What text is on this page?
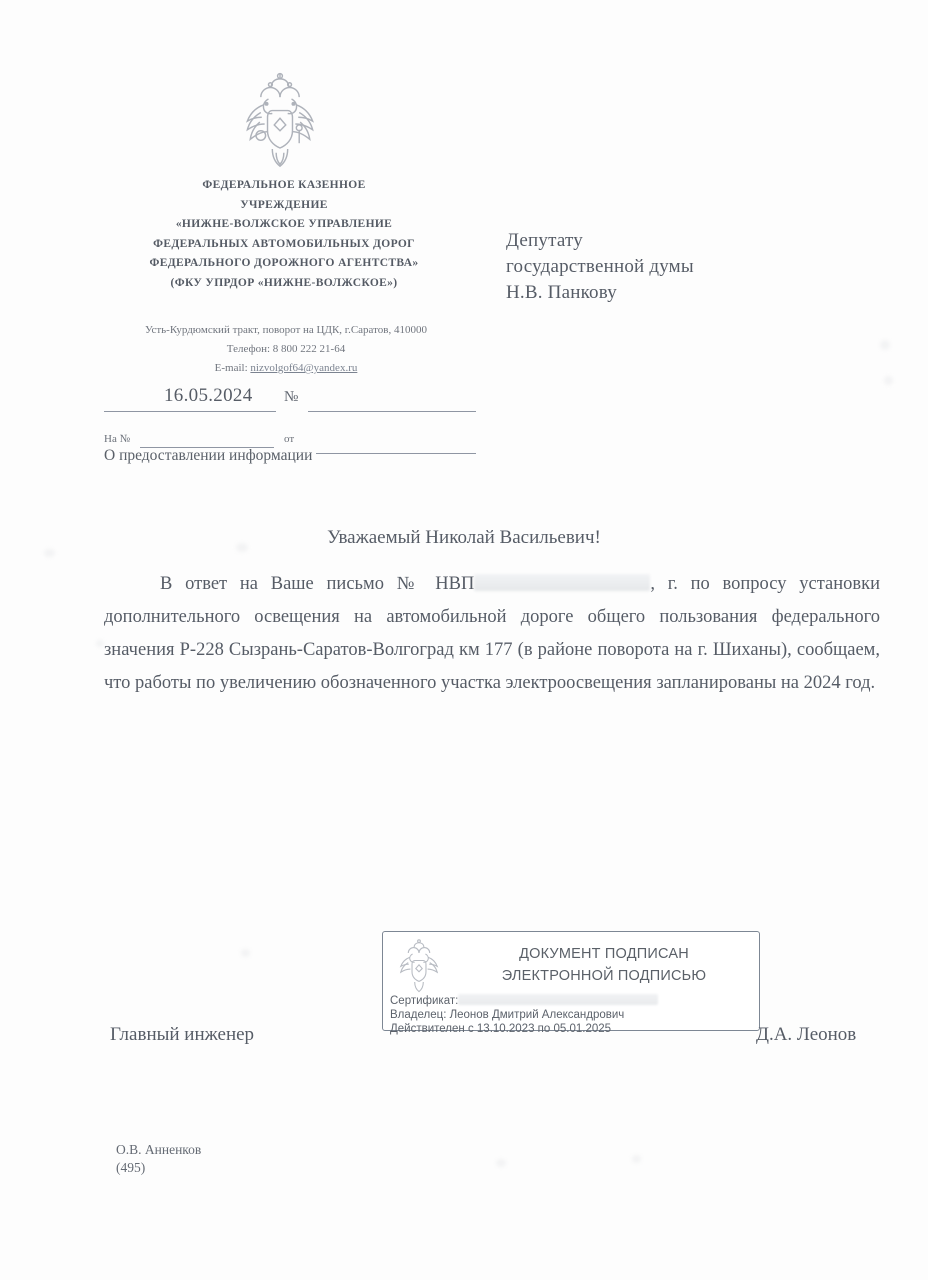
ФЕДЕРАЛЬНОЕ КАЗЕННОЕ
УЧРЕЖДЕНИЕ
«НИЖНЕ-ВОЛЖСКОЕ УПРАВЛЕНИЕ
ФЕДЕРАЛЬНЫХ АВТОМОБИЛЬНЫХ ДОРОГ
ФЕДЕРАЛЬНОГО ДОРОЖНОГО АГЕНТСТВА»
(ФКУ УПРДОР «НИЖНЕ-ВОЛЖСКОЕ»)
Усть-Курдюмский тракт, поворот на ЦДК, г.Саратов, 410000
Телефон: 8 800 222 21-64
E-mail: nizvolgof64@yandex.ru
16.05.2024 №
На №	от
О предоставлении информации
Депутату
государственной думы
Н.В. Панкову
Уважаемый Николай Васильевич!

В ответ на Ваше письмо № НВП	, г. по вопросу установки дополнительного освещения на автомобильной дороге общего пользования федерального значения Р-228 Сызрань-Саратов-Волгоград км 177 (в районе поворота на г. Шиханы), сообщаем, что работы по увеличению обозначенного участка электроосвещения запланированы на 2024 год.

ДОКУМЕНТ ПОДПИСАН
ЭЛЕКТРОННОЙ ПОДПИСЬЮ
Сертификат:
Владелец: Леонов Дмитрий Александрович
Действителен с 13.10.2023 по 05.01.2025
Главный инженер	Д.А. Леонов
О.В. Анненков
(495)
